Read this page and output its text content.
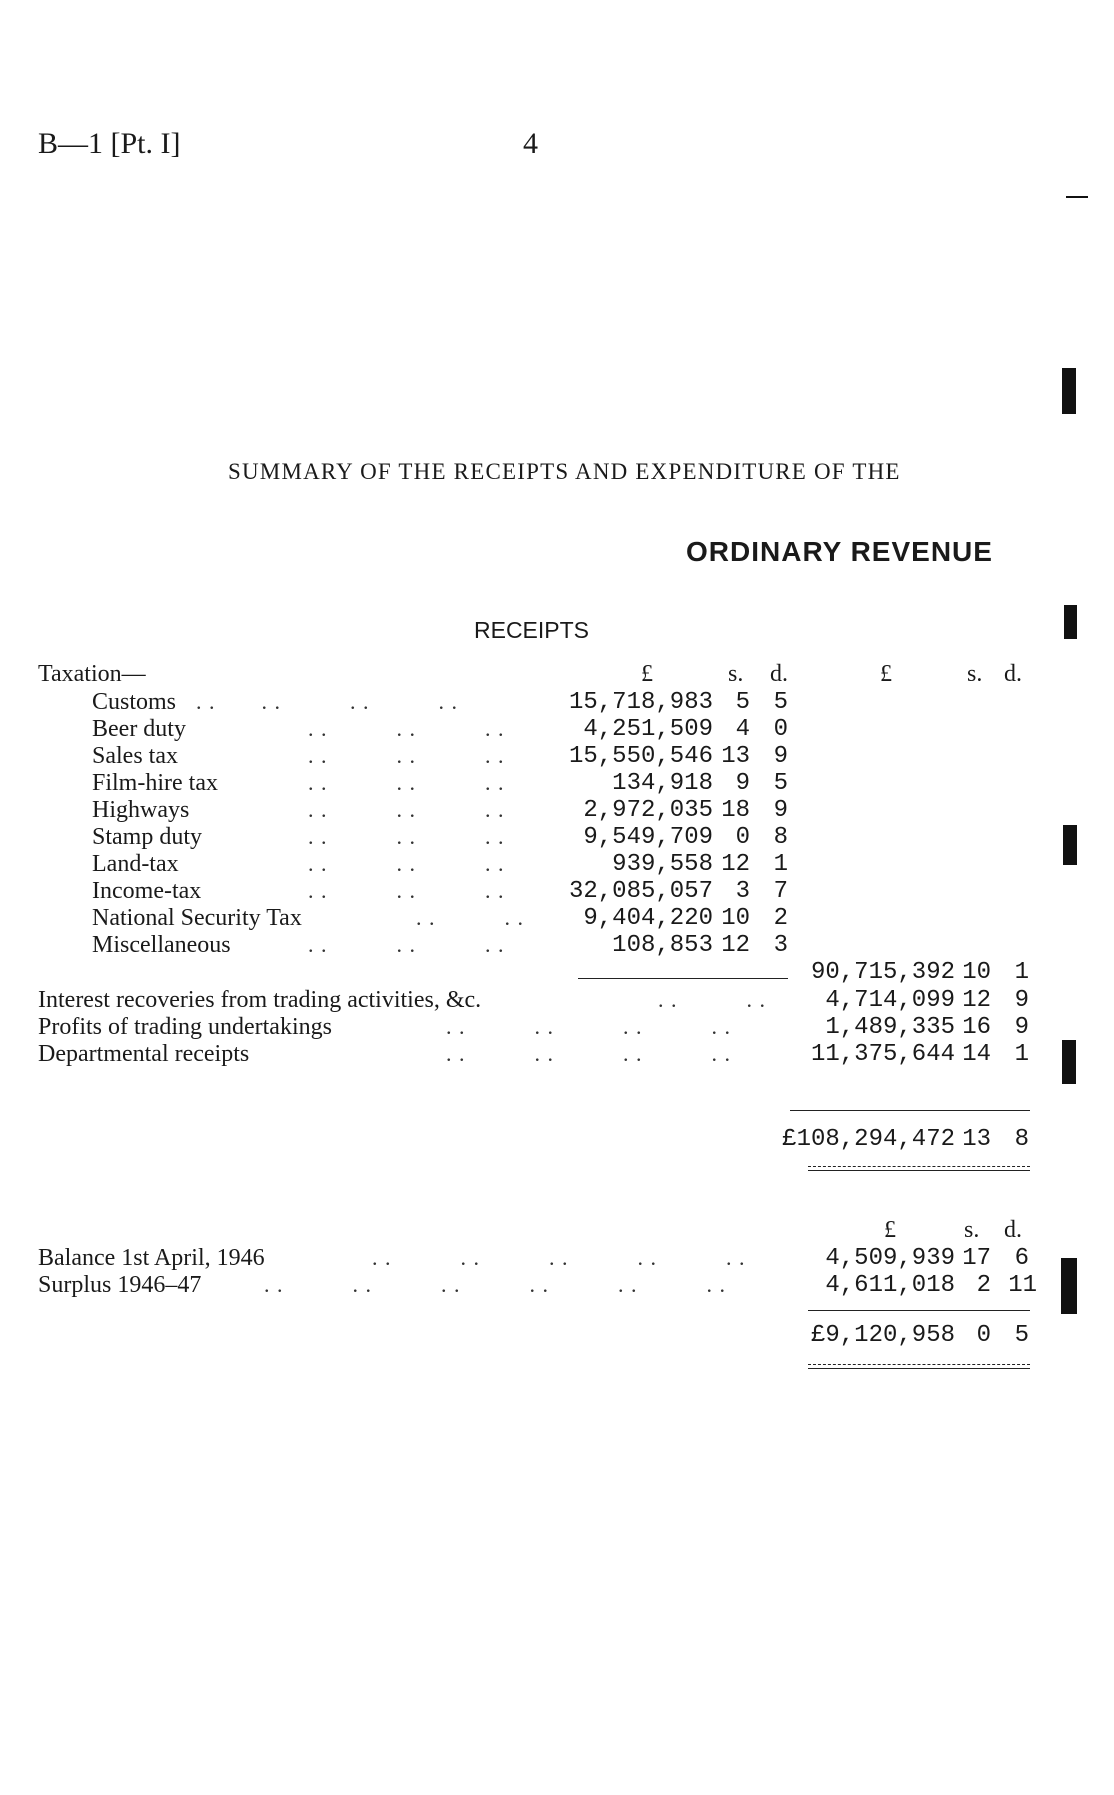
B—1 [Pt. I]	4
SUMMARY OF THE RECEIPTS AND EXPENDITURE OF THE
ORDINARY REVENUE
RECEIPTS
£	s. d.	£	s. d.
Taxation—
Customs . .  . .   . .   . .	15,718,983 5 5
Beer duty	. .   . .   . .	4,251,509 4 0
Sales tax	. .   . .   . .	15,550,546 13 9
Film-hire tax	. .   . .   . .	134,918 9 5
Highways	. .   . .   . .	2,972,035 18 9
Stamp duty	. .   . .   . .	9,549,709 0 8
Land-tax	. .   . .   . .	939,558 12 1
Income-tax	. .   . .   . .	32,085,057 3 7
National Security Tax	. .   . .	9,404,220 10 2
Miscellaneous	. .   . .   . .	108,853 12 3
90,715,392 10 1
Interest recoveries from trading activities, &c.	. .   . .	4,714,099 12 9
Profits of trading undertakings	. .   . .   . .   . .	1,489,335 16 9
Departmental receipts	. .   . .   . .   . .	11,375,644 14 1
£108,294,472 13 8
£	s. d.
Balance 1st April, 1946	. .   . .   . .   . .   . .	4,509,939 17 6
Surplus 1946–47	. .   . .   . .   . .   . .   . .	4,611,018 2 11
£9,120,958 0 5
